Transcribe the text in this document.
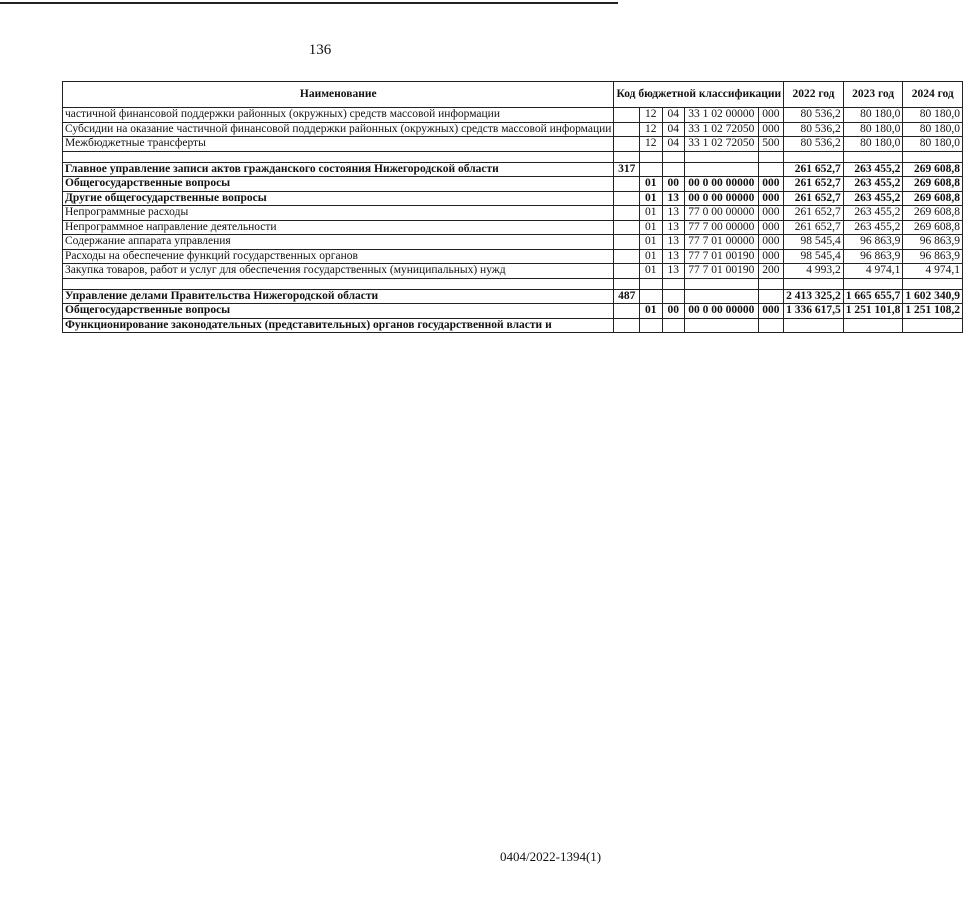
136
Наименование	Код бюджетной классификации					2022 год	2023 год	2024 год
частичной финансовой поддержки районных (окружных) средств массовой информации		12	04	33 1 02 00000	000	80 536,2	80 180,0	80 180,0
Субсидии на оказание частичной финансовой поддержки районных (окружных) средств массовой информации		12	04	33 1 02 72050	000	80 536,2	80 180,0	80 180,0
Межбюджетные трансферты		12	04	33 1 02 72050	500	80 536,2	80 180,0	80 180,0

Главное управление записи актов гражданского состояния Нижегородской области	317					261 652,7	263 455,2	269 608,8
Общегосударственные вопросы		01	00	00 0 00 00000	000	261 652,7	263 455,2	269 608,8
Другие общегосударственные вопросы		01	13	00 0 00 00000	000	261 652,7	263 455,2	269 608,8
Непрограммные расходы		01	13	77 0 00 00000	000	261 652,7	263 455,2	269 608,8
Непрограммное направление деятельности		01	13	77 7 00 00000	000	261 652,7	263 455,2	269 608,8
Содержание аппарата управления		01	13	77 7 01 00000	000	98 545,4	96 863,9	96 863,9
Расходы на обеспечение функций государственных органов		01	13	77 7 01 00190	000	98 545,4	96 863,9	96 863,9
Закупка товаров, работ и услуг для обеспечения государственных (муниципальных) нужд		01	13	77 7 01 00190	200	4 993,2	4 974,1	4 974,1

Управление делами Правительства Нижегородской области	487					2 413 325,2	1 665 655,7	1 602 340,9
Общегосударственные вопросы		01	00	00 0 00 00000	000	1 336 617,5	1 251 101,8	1 251 108,2
Функционирование законодательных (представительных) органов государственной власти и								
0404/2022-1394(1)
